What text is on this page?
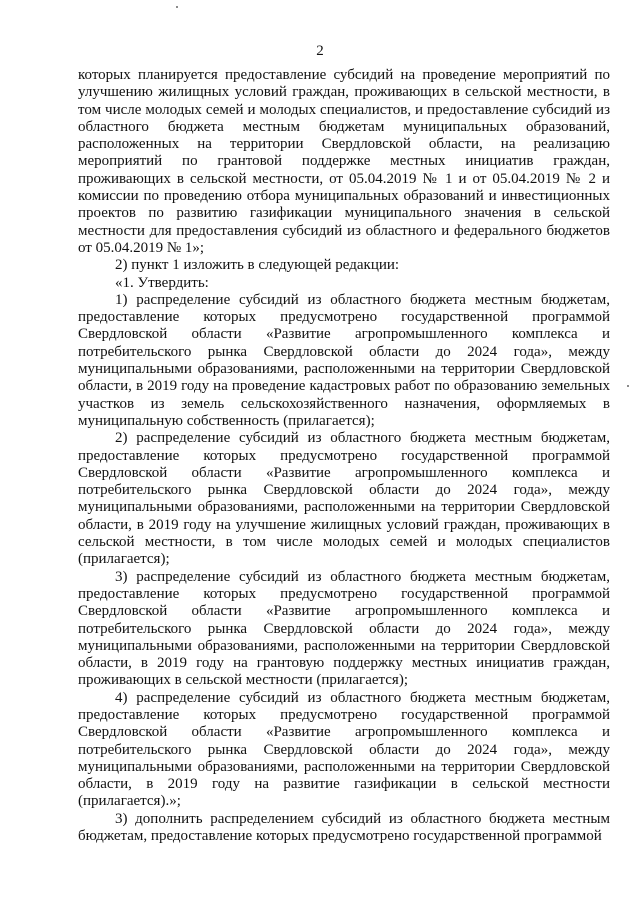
2

которых планируется предоставление субсидий на проведение мероприятий по улучшению жилищных условий граждан, проживающих в сельской местности, в том числе молодых семей и молодых специалистов, и предоставление субсидий из областного бюджета местным бюджетам муниципальных образований, расположенных на территории Свердловской области, на реализацию мероприятий по грантовой поддержке местных инициатив граждан, проживающих в сельской местности, от 05.04.2019 № 1 и от 05.04.2019 № 2 и комиссии по проведению отбора муниципальных образований и инвестиционных проектов по развитию газификации муниципального значения в сельской местности для предоставления субсидий из областного и федерального бюджетов от 05.04.2019 № 1»;

2) пункт 1 изложить в следующей редакции:

«1. Утвердить:

1) распределение субсидий из областного бюджета местным бюджетам, предоставление которых предусмотрено государственной программой Свердловской области «Развитие агропромышленного комплекса и потребительского рынка Свердловской области до 2024 года», между муниципальными образованиями, расположенными на территории Свердловской области, в 2019 году на проведение кадастровых работ по образованию земельных участков из земель сельскохозяйственного назначения, оформляемых в муниципальную собственность (прилагается);

2) распределение субсидий из областного бюджета местным бюджетам, предоставление которых предусмотрено государственной программой Свердловской области «Развитие агропромышленного комплекса и потребительского рынка Свердловской области до 2024 года», между муниципальными образованиями, расположенными на территории Свердловской области, в 2019 году на улучшение жилищных условий граждан, проживающих в сельской местности, в том числе молодых семей и молодых специалистов (прилагается);

3) распределение субсидий из областного бюджета местным бюджетам, предоставление которых предусмотрено государственной программой Свердловской области «Развитие агропромышленного комплекса и потребительского рынка Свердловской области до 2024 года», между муниципальными образованиями, расположенными на территории Свердловской области, в 2019 году на грантовую поддержку местных инициатив граждан, проживающих в сельской местности (прилагается);

4) распределение субсидий из областного бюджета местным бюджетам, предоставление которых предусмотрено государственной программой Свердловской области «Развитие агропромышленного комплекса и потребительского рынка Свердловской области до 2024 года», между муниципальными образованиями, расположенными на территории Свердловской области, в 2019 году на развитие газификации в сельской местности (прилагается).»;

3) дополнить распределением субсидий из областного бюджета местным бюджетам, предоставление которых предусмотрено государственной программой
